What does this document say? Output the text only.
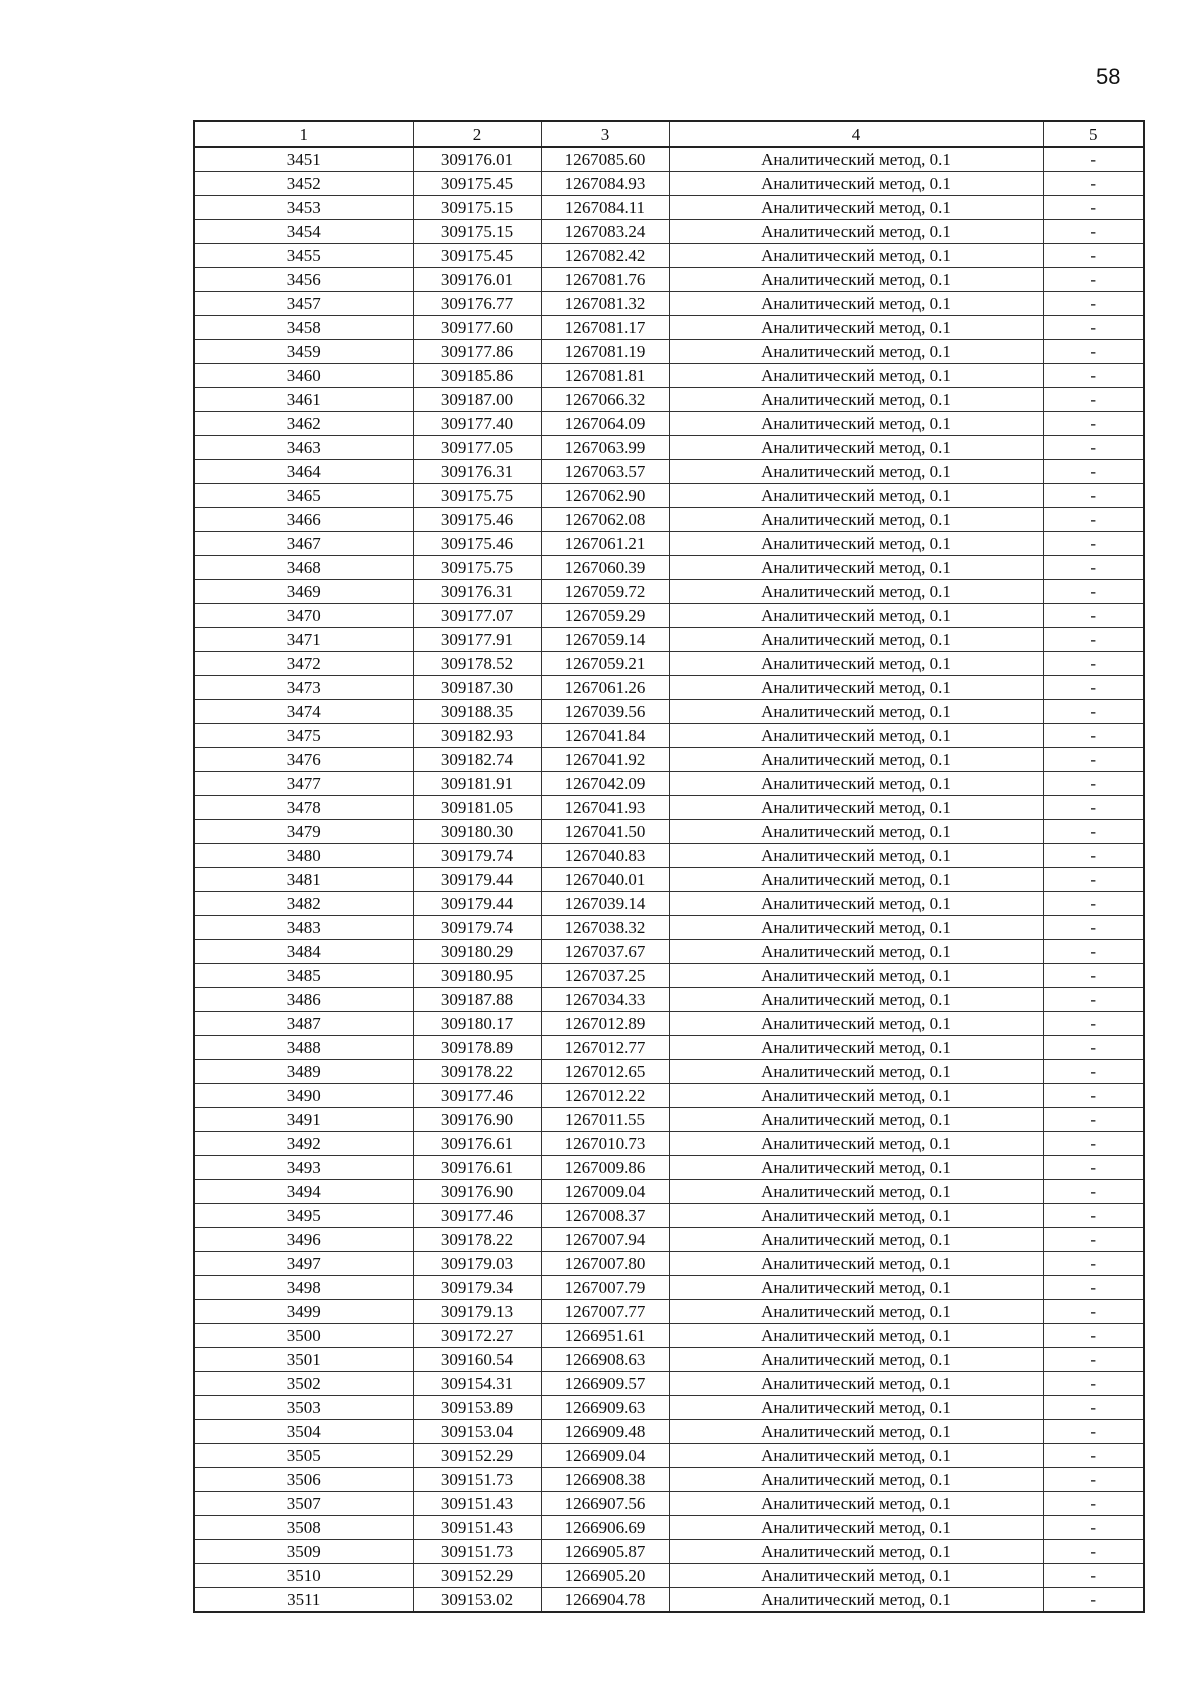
58
1	2	3	4	5
3451	309176.01	1267085.60	Аналитический метод, 0.1	-
3452	309175.45	1267084.93	Аналитический метод, 0.1	-
3453	309175.15	1267084.11	Аналитический метод, 0.1	-
3454	309175.15	1267083.24	Аналитический метод, 0.1	-
3455	309175.45	1267082.42	Аналитический метод, 0.1	-
3456	309176.01	1267081.76	Аналитический метод, 0.1	-
3457	309176.77	1267081.32	Аналитический метод, 0.1	-
3458	309177.60	1267081.17	Аналитический метод, 0.1	-
3459	309177.86	1267081.19	Аналитический метод, 0.1	-
3460	309185.86	1267081.81	Аналитический метод, 0.1	-
3461	309187.00	1267066.32	Аналитический метод, 0.1	-
3462	309177.40	1267064.09	Аналитический метод, 0.1	-
3463	309177.05	1267063.99	Аналитический метод, 0.1	-
3464	309176.31	1267063.57	Аналитический метод, 0.1	-
3465	309175.75	1267062.90	Аналитический метод, 0.1	-
3466	309175.46	1267062.08	Аналитический метод, 0.1	-
3467	309175.46	1267061.21	Аналитический метод, 0.1	-
3468	309175.75	1267060.39	Аналитический метод, 0.1	-
3469	309176.31	1267059.72	Аналитический метод, 0.1	-
3470	309177.07	1267059.29	Аналитический метод, 0.1	-
3471	309177.91	1267059.14	Аналитический метод, 0.1	-
3472	309178.52	1267059.21	Аналитический метод, 0.1	-
3473	309187.30	1267061.26	Аналитический метод, 0.1	-
3474	309188.35	1267039.56	Аналитический метод, 0.1	-
3475	309182.93	1267041.84	Аналитический метод, 0.1	-
3476	309182.74	1267041.92	Аналитический метод, 0.1	-
3477	309181.91	1267042.09	Аналитический метод, 0.1	-
3478	309181.05	1267041.93	Аналитический метод, 0.1	-
3479	309180.30	1267041.50	Аналитический метод, 0.1	-
3480	309179.74	1267040.83	Аналитический метод, 0.1	-
3481	309179.44	1267040.01	Аналитический метод, 0.1	-
3482	309179.44	1267039.14	Аналитический метод, 0.1	-
3483	309179.74	1267038.32	Аналитический метод, 0.1	-
3484	309180.29	1267037.67	Аналитический метод, 0.1	-
3485	309180.95	1267037.25	Аналитический метод, 0.1	-
3486	309187.88	1267034.33	Аналитический метод, 0.1	-
3487	309180.17	1267012.89	Аналитический метод, 0.1	-
3488	309178.89	1267012.77	Аналитический метод, 0.1	-
3489	309178.22	1267012.65	Аналитический метод, 0.1	-
3490	309177.46	1267012.22	Аналитический метод, 0.1	-
3491	309176.90	1267011.55	Аналитический метод, 0.1	-
3492	309176.61	1267010.73	Аналитический метод, 0.1	-
3493	309176.61	1267009.86	Аналитический метод, 0.1	-
3494	309176.90	1267009.04	Аналитический метод, 0.1	-
3495	309177.46	1267008.37	Аналитический метод, 0.1	-
3496	309178.22	1267007.94	Аналитический метод, 0.1	-
3497	309179.03	1267007.80	Аналитический метод, 0.1	-
3498	309179.34	1267007.79	Аналитический метод, 0.1	-
3499	309179.13	1267007.77	Аналитический метод, 0.1	-
3500	309172.27	1266951.61	Аналитический метод, 0.1	-
3501	309160.54	1266908.63	Аналитический метод, 0.1	-
3502	309154.31	1266909.57	Аналитический метод, 0.1	-
3503	309153.89	1266909.63	Аналитический метод, 0.1	-
3504	309153.04	1266909.48	Аналитический метод, 0.1	-
3505	309152.29	1266909.04	Аналитический метод, 0.1	-
3506	309151.73	1266908.38	Аналитический метод, 0.1	-
3507	309151.43	1266907.56	Аналитический метод, 0.1	-
3508	309151.43	1266906.69	Аналитический метод, 0.1	-
3509	309151.73	1266905.87	Аналитический метод, 0.1	-
3510	309152.29	1266905.20	Аналитический метод, 0.1	-
3511	309153.02	1266904.78	Аналитический метод, 0.1	-
